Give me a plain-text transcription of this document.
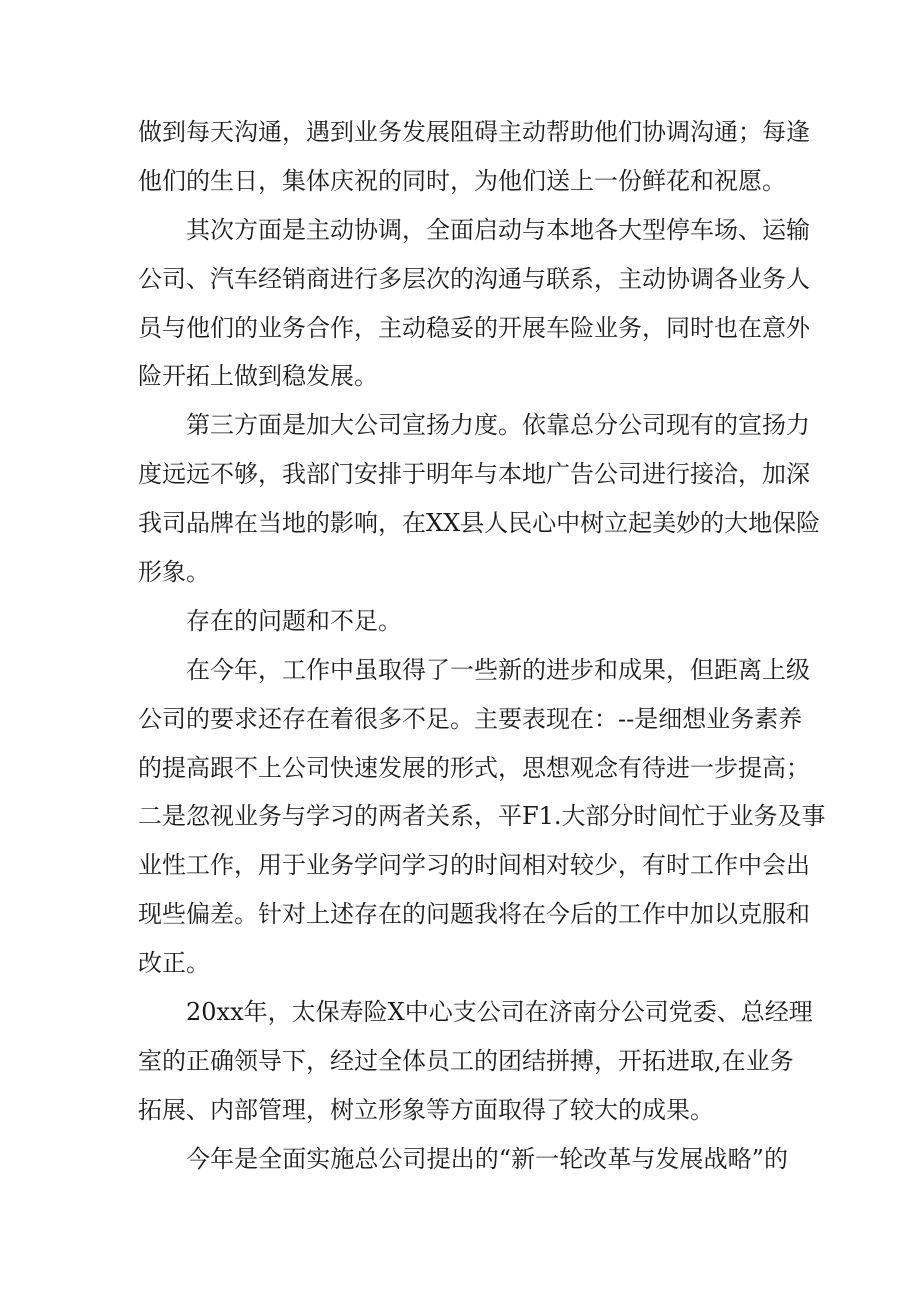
做到每天沟通，遇到业务发展阻碍主动帮助他们协调沟通；每逢
他们的生日，集体庆祝的同时，为他们送上一份鲜花和祝愿。
其次方面是主动协调，全面启动与本地各大型停车场、运输
公司、汽车经销商进行多层次的沟通与联系，主动协调各业务人
员与他们的业务合作，主动稳妥的开展车险业务，同时也在意外
险开拓上做到稳发展。
第三方面是加大公司宣扬力度。依靠总分公司现有的宣扬力
度远远不够，我部门安排于明年与本地广告公司进行接洽，加深
我司品牌在当地的影响，在XX县人民心中树立起美妙的大地保险
形象。
存在的问题和不足。
在今年，工作中虽取得了一些新的进步和成果，但距离上级
公司的要求还存在着很多不足。主要表现在：--是细想业务素养
的提高跟不上公司快速发展的形式，思想观念有待进一步提高；
二是忽视业务与学习的两者关系，平F1.大部分时间忙于业务及事
业性工作，用于业务学问学习的时间相对较少，有时工作中会出
现些偏差。针对上述存在的问题我将在今后的工作中加以克服和
改正。
20xx年，太保寿险X中心支公司在济南分公司党委、总经理
室的正确领导下，经过全体员工的团结拼搏，开拓进取,在业务
拓展、内部管理，树立形象等方面取得了较大的成果。
今年是全面实施总公司提出的“新一轮改革与发展战略”的
